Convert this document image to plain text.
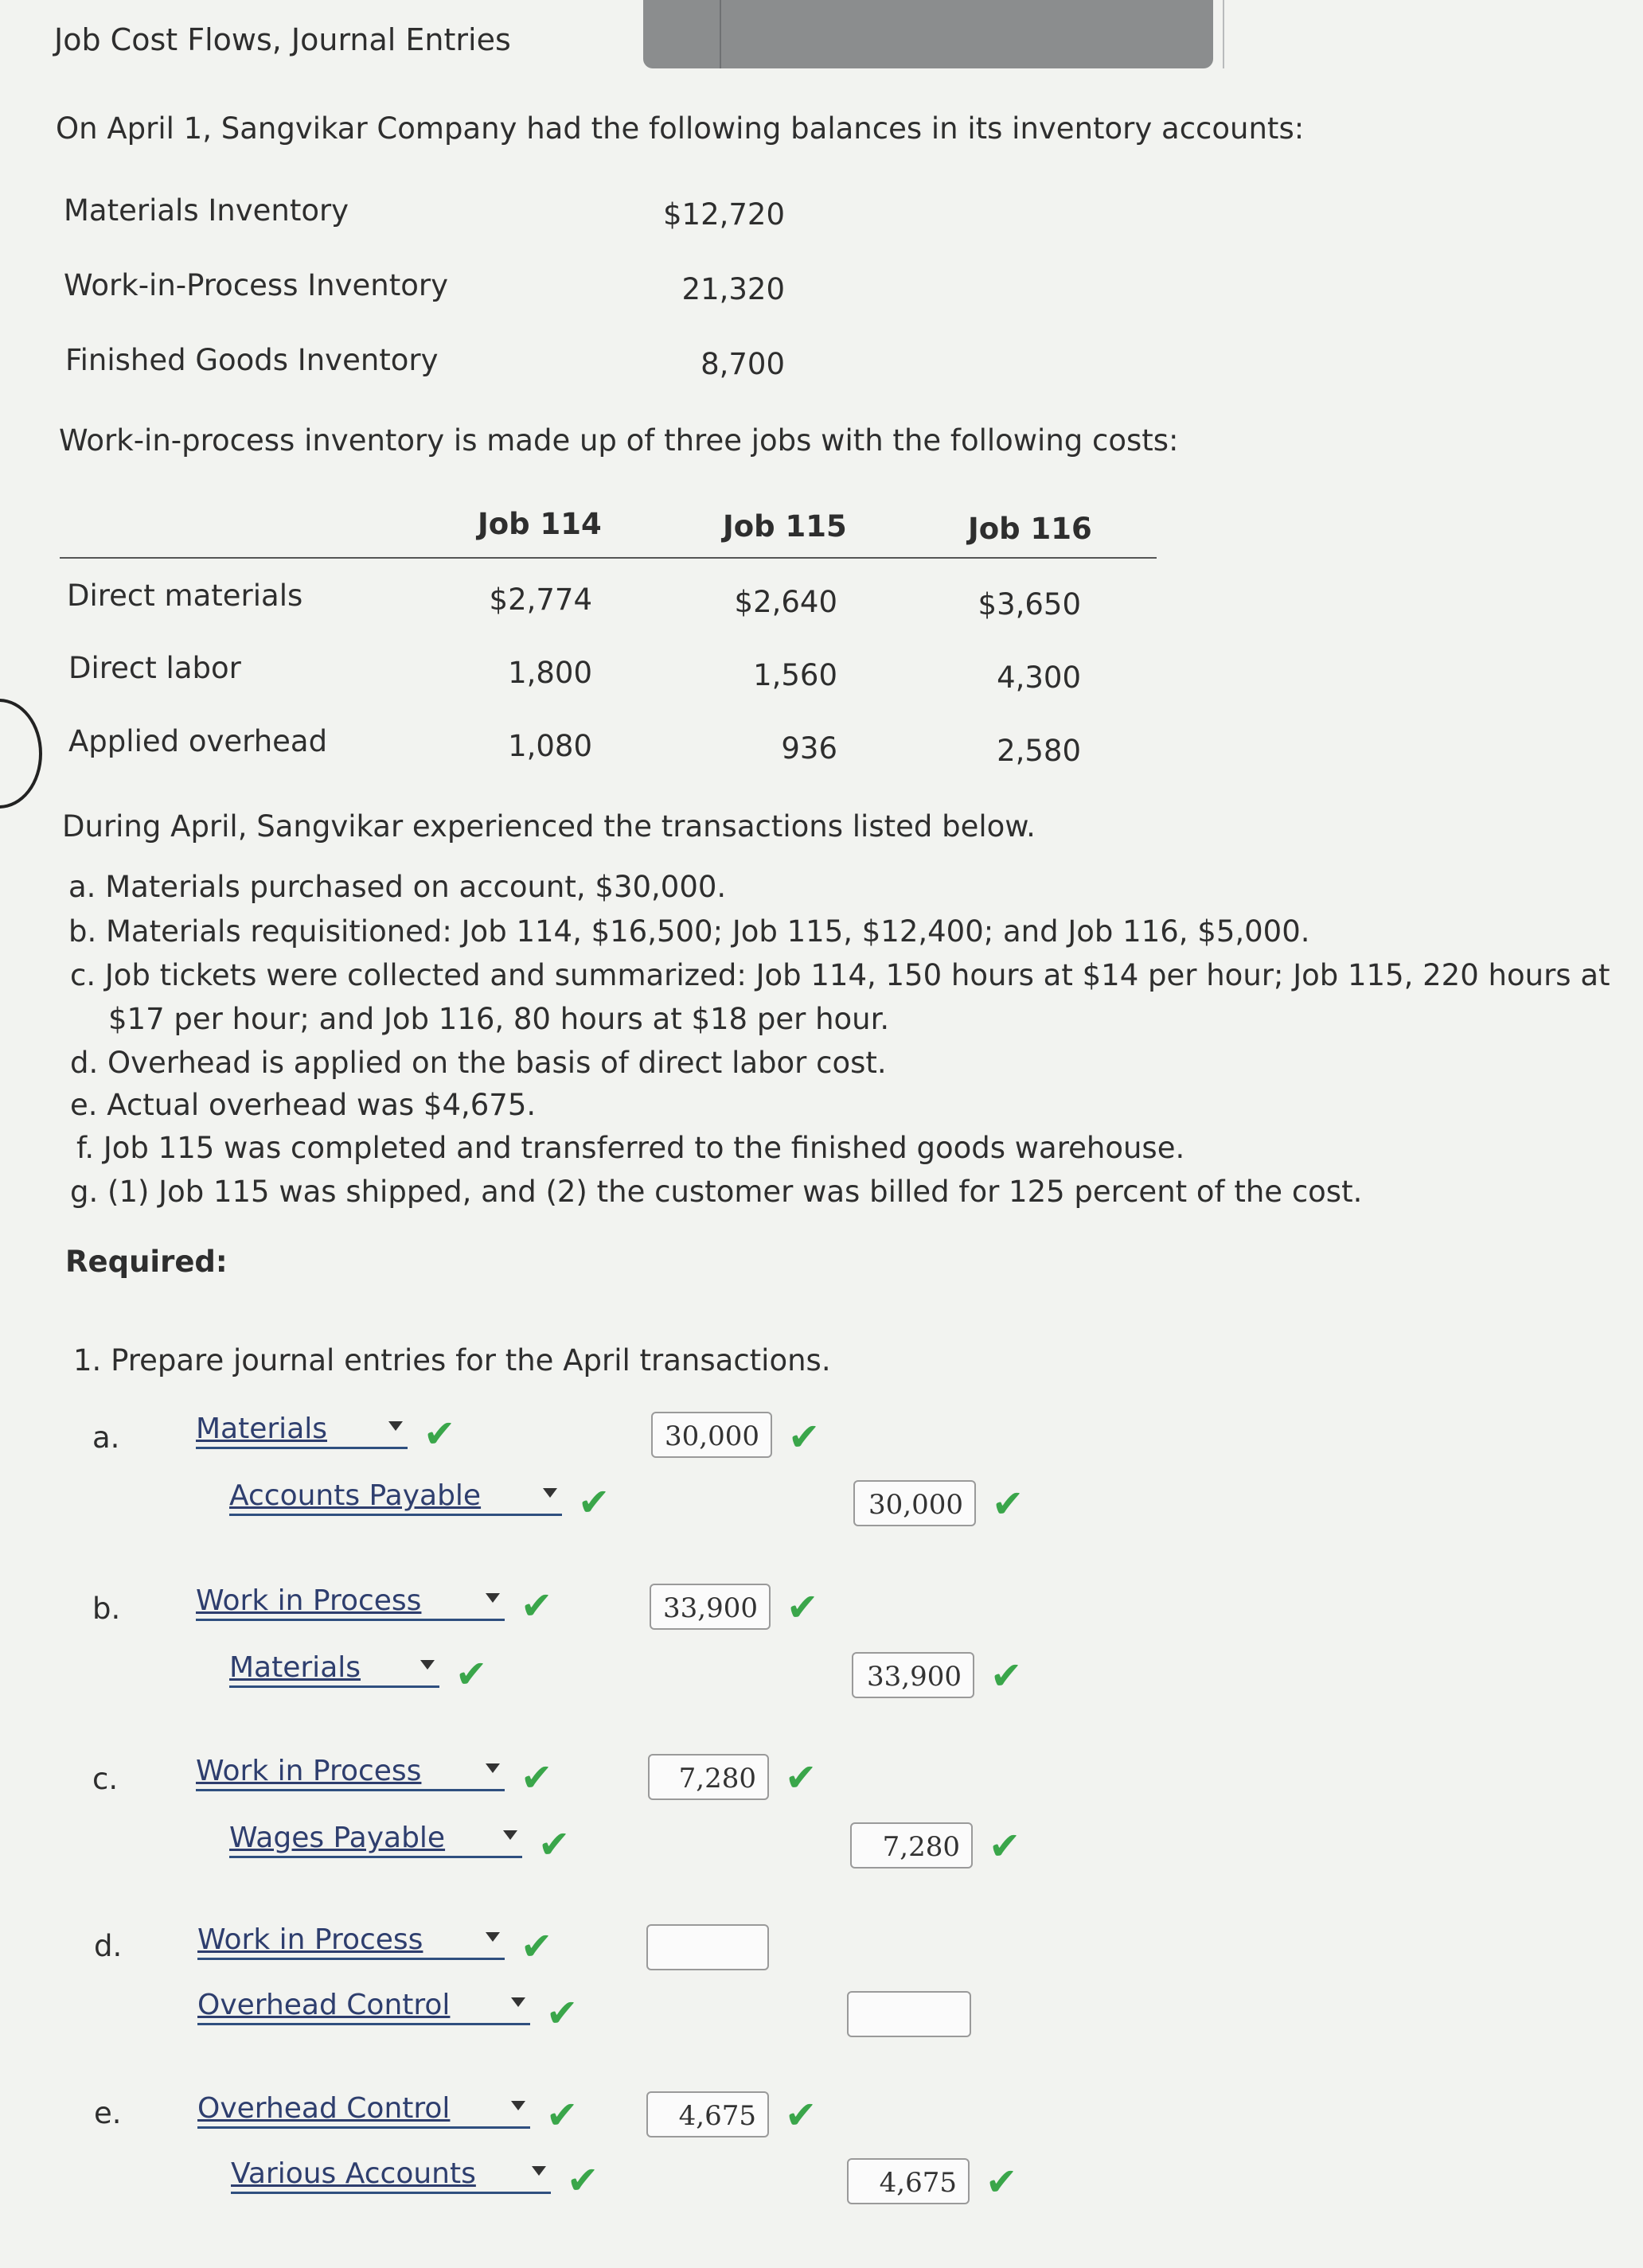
Job Cost Flows, Journal Entries
On April 1, Sangvikar Company had the following balances in its inventory accounts:
Materials Inventory	$12,720
Work-in-Process Inventory	21,320
Finished Goods Inventory	8,700
Work-in-process inventory is made up of three jobs with the following costs:
Job 114	Job 115	Job 116
Direct materials	$2,774	$2,640	$3,650
Direct labor	1,800	1,560	4,300
Applied overhead	1,080	936	2,580
During April, Sangvikar experienced the transactions listed below.
a. Materials purchased on account, $30,000.
b. Materials requisitioned: Job 114, $16,500; Job 115, $12,400; and Job 116, $5,000.
c. Job tickets were collected and summarized: Job 114, 150 hours at $14 per hour; Job 115, 220 hours at
$17 per hour; and Job 116, 80 hours at $18 per hour.
d. Overhead is applied on the basis of direct labor cost.
e. Actual overhead was $4,675.
f. Job 115 was completed and transferred to the finished goods warehouse.
g. (1) Job 115 was shipped, and (2) the customer was billed for 125 percent of the cost.
Required:
1. Prepare journal entries for the April transactions.
a.	Materials	✔	30,000 ✔
Accounts Payable	✔	30,000 ✔
b.	Work in Process	✔	33,900 ✔
Materials	✔	33,900 ✔
c.	Work in Process	✔	7,280 ✔
Wages Payable	✔	7,280 ✔
d.	Work in Process	✔
Overhead Control	✔
e.	Overhead Control	✔	4,675 ✔
Various Accounts	✔	4,675 ✔
